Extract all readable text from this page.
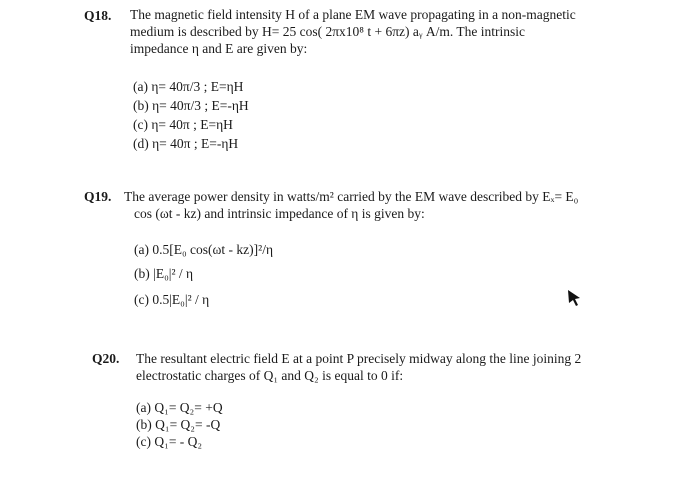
Q18. The magnetic field intensity H of a plane EM wave propagating in a non-magnetic
medium is described by H= 25 cos( 2πx10⁸ t + 6πz) aᵧ A/m. The intrinsic
impedance η and E are given by:
(a) η= 40π/3 ; E=ηH
(b) η= 40π/3 ; E=-ηH
(c) η= 40π ; E=ηH
(d) η= 40π ; E=-ηH
Q19. The average power density in watts/m² carried by the EM wave described by Eₓ= E₀
cos (ωt - kz) and intrinsic impedance of η is given by:
(a) 0.5[E₀ cos(ωt - kz)]²/η
(b) |E₀|² / η
(c) 0.5|E₀|² / η
Q20. The resultant electric field E at a point P precisely midway along the line joining 2
electrostatic charges of Q₁ and Q₂ is equal to 0 if:
(a) Q₁= Q₂= +Q
(b) Q₁= Q₂= -Q
(c) Q₁= - Q₂
